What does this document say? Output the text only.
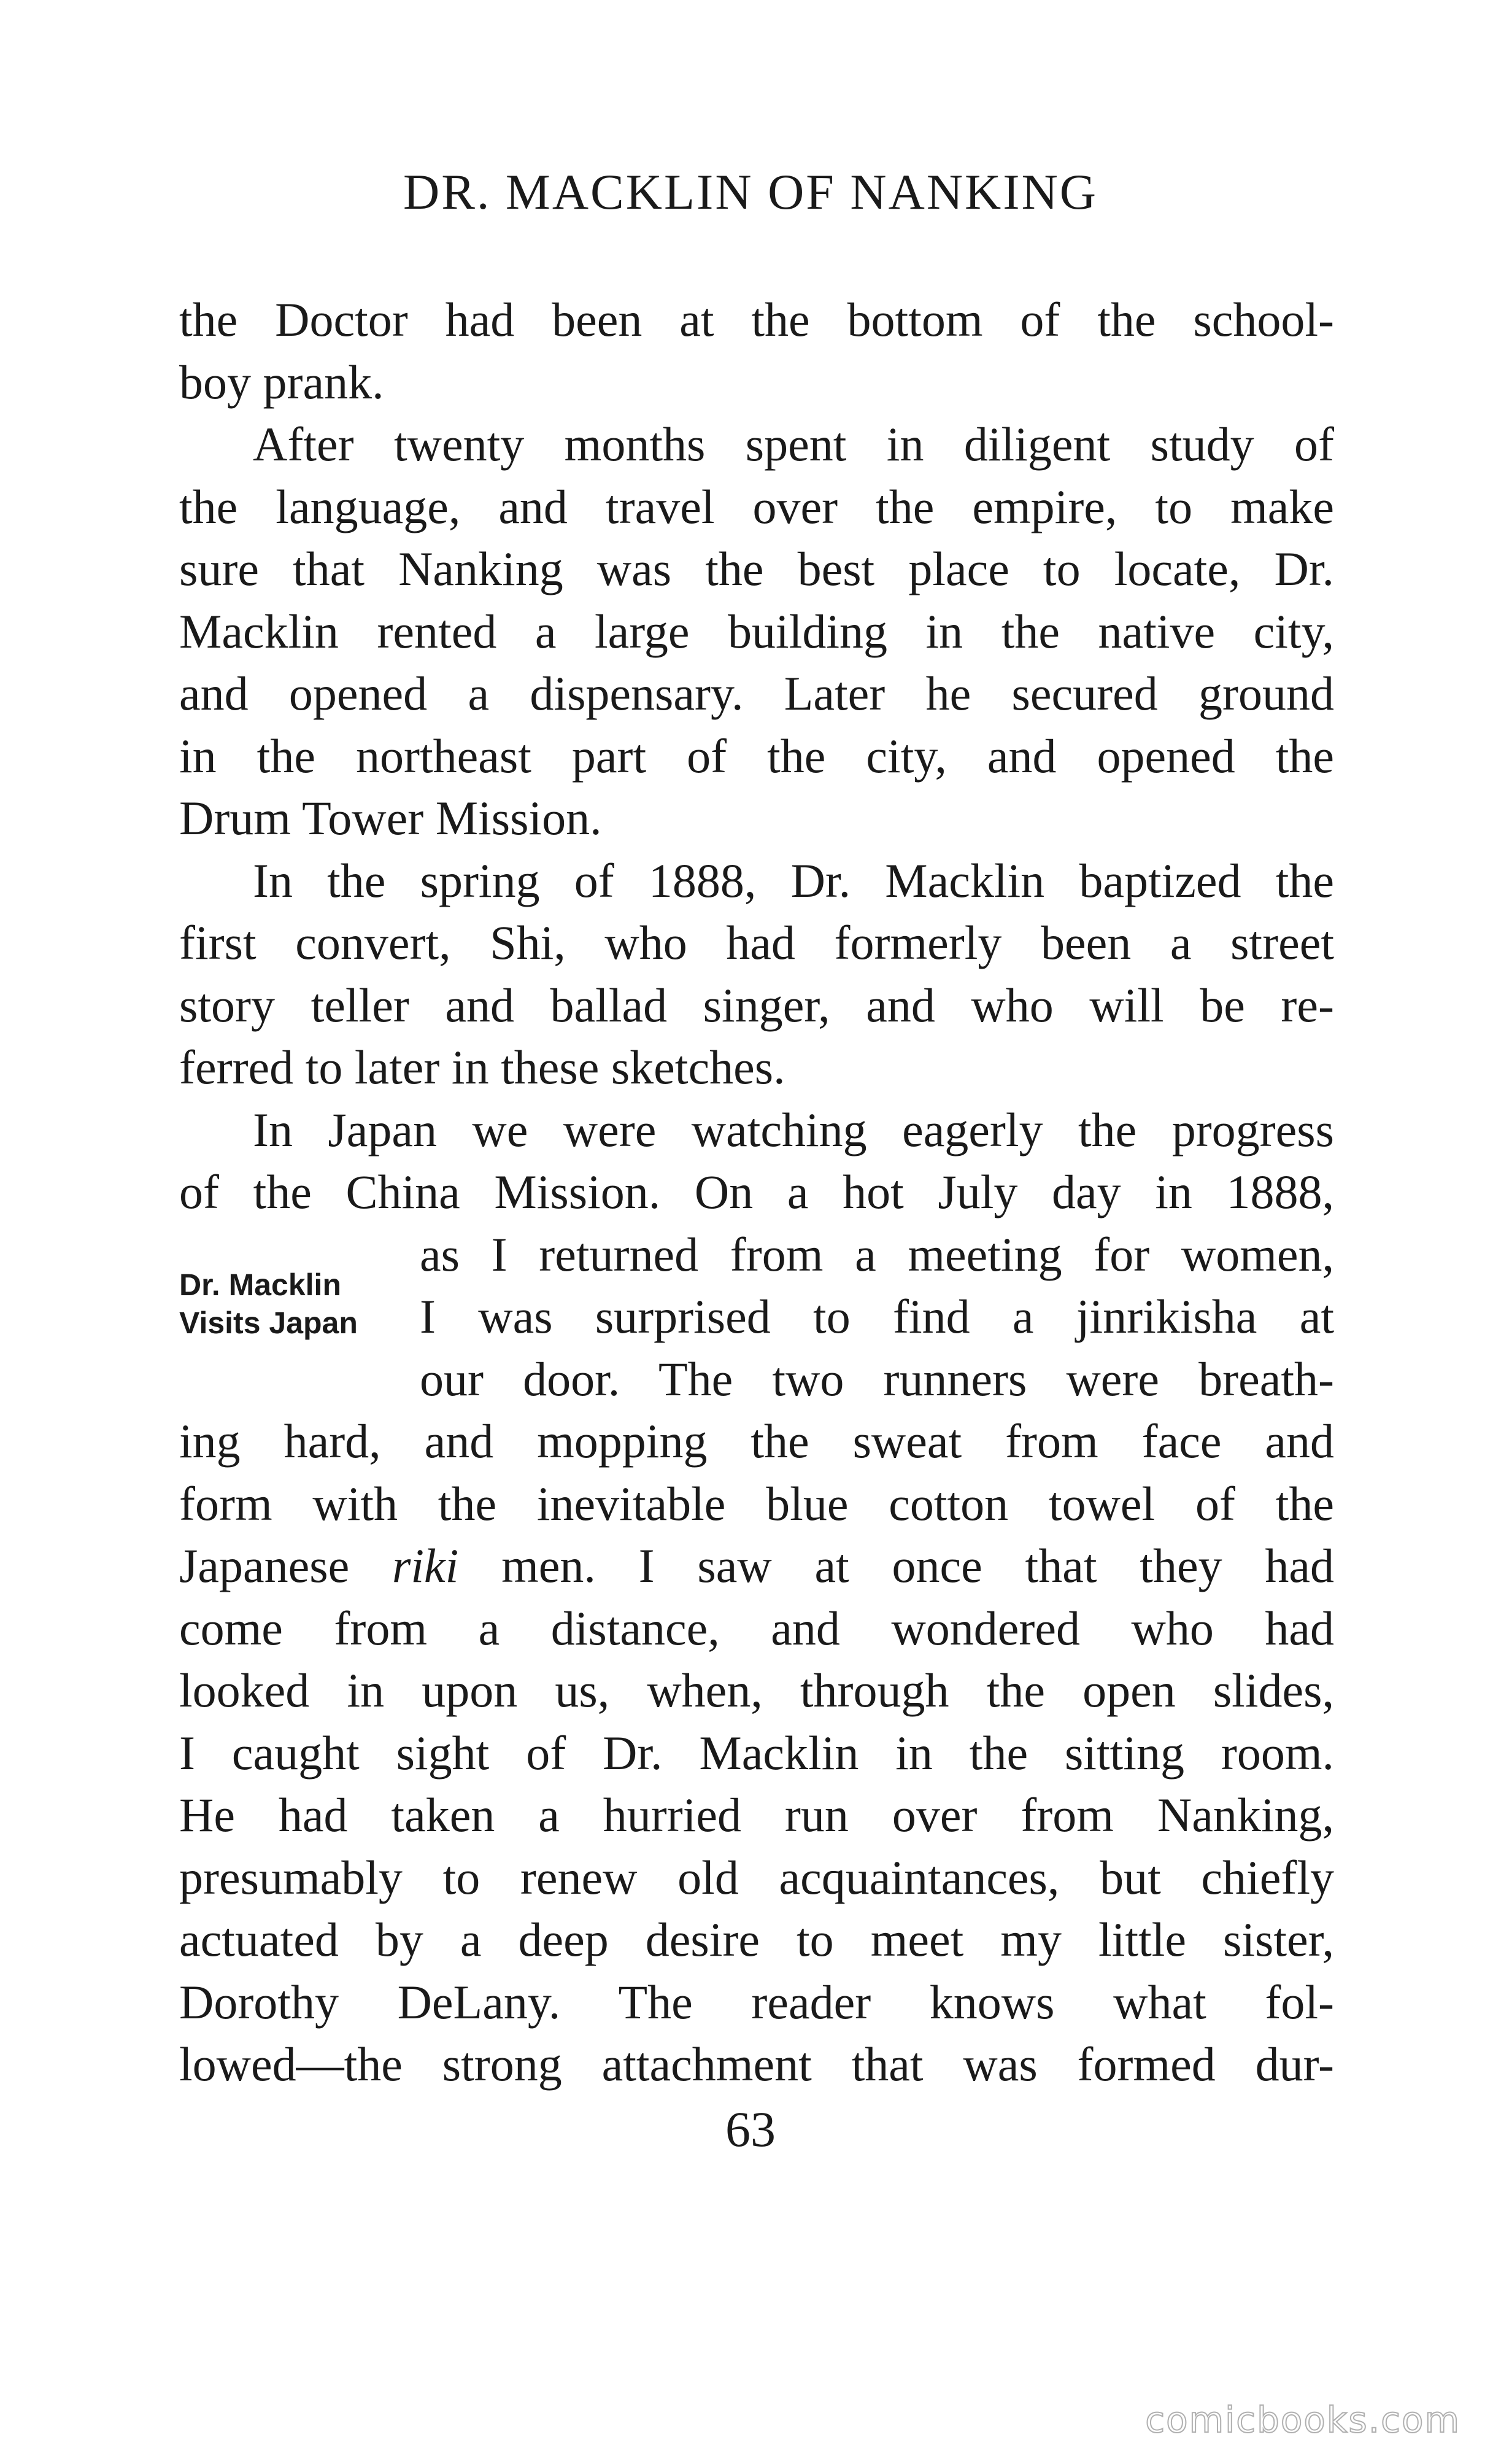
DR. MACKLIN OF NANKING
the Doctor had been at the bottom of the school-
boy prank.
After twenty months spent in diligent study of
the language, and travel over the empire, to make
sure that Nanking was the best place to locate, Dr.
Macklin rented a large building in the native city,
and opened a dispensary. Later he secured ground
in the northeast part of the city, and opened the
Drum Tower Mission.
In the spring of 1888, Dr. Macklin baptized the
first convert, Shi, who had formerly been a street
story teller and ballad singer, and who will be re-
ferred to later in these sketches.
In Japan we were watching eagerly the progress
of the China Mission. On a hot July day in 1888,
as I returned from a meeting for women,
I was surprised to find a jinrikisha at
our door. The two runners were breath-
ing hard, and mopping the sweat from face and
form with the inevitable blue cotton towel of the
Japanese riki men. I saw at once that they had
come from a distance, and wondered who had
looked in upon us, when, through the open slides,
I caught sight of Dr. Macklin in the sitting room.
He had taken a hurried run over from Nanking,
presumably to renew old acquaintances, but chiefly
actuated by a deep desire to meet my little sister,
Dorothy DeLany. The reader knows what fol-
lowed—the strong attachment that was formed dur-
Dr. Macklin
Visits Japan
63
comicbooks.com
